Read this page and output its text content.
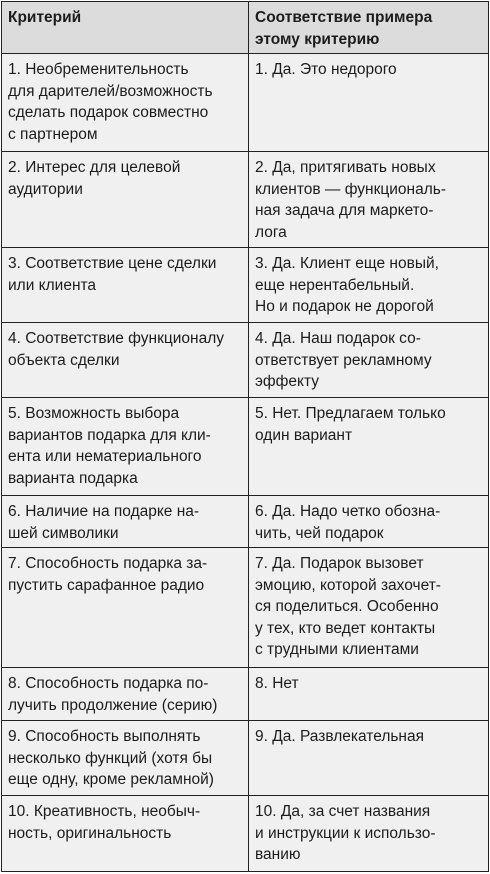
Критерий	Соответствие примера
этому критерию
1. Необременительность
для дарителей/возможность
сделать подарок совместно
с партнером	1. Да. Это недорого
2. Интерес для целевой
аудитории	2. Да, притягивать новых
клиентов — функциональ-
ная задача для маркето-
лога
3. Соответствие цене сделки
или клиента	3. Да. Клиент еще новый,
еще нерентабельный.
Но и подарок не дорогой
4. Соответствие функционалу
объекта сделки	4. Да. Наш подарок со-
ответствует рекламному
эффекту
5. Возможность выбора
вариантов подарка для кли-
ента или нематериального
варианта подарка	5. Нет. Предлагаем только
один вариант
6. Наличие на подарке на-
шей символики	6. Да. Надо четко обозна-
чить, чей подарок
7. Способность подарка за-
пустить сарафанное радио	7. Да. Подарок вызовет
эмоцию, которой захочет-
ся поделиться. Особенно
у тех, кто ведет контакты
с трудными клиентами
8. Способность подарка по-
лучить продолжение (серию)	8. Нет
9. Способность выполнять
несколько функций (хотя бы
еще одну, кроме рекламной)	9. Да. Развлекательная
10. Креативность, необыч-
ность, оригинальность	10. Да, за счет названия
и инструкции к использо-
ванию
